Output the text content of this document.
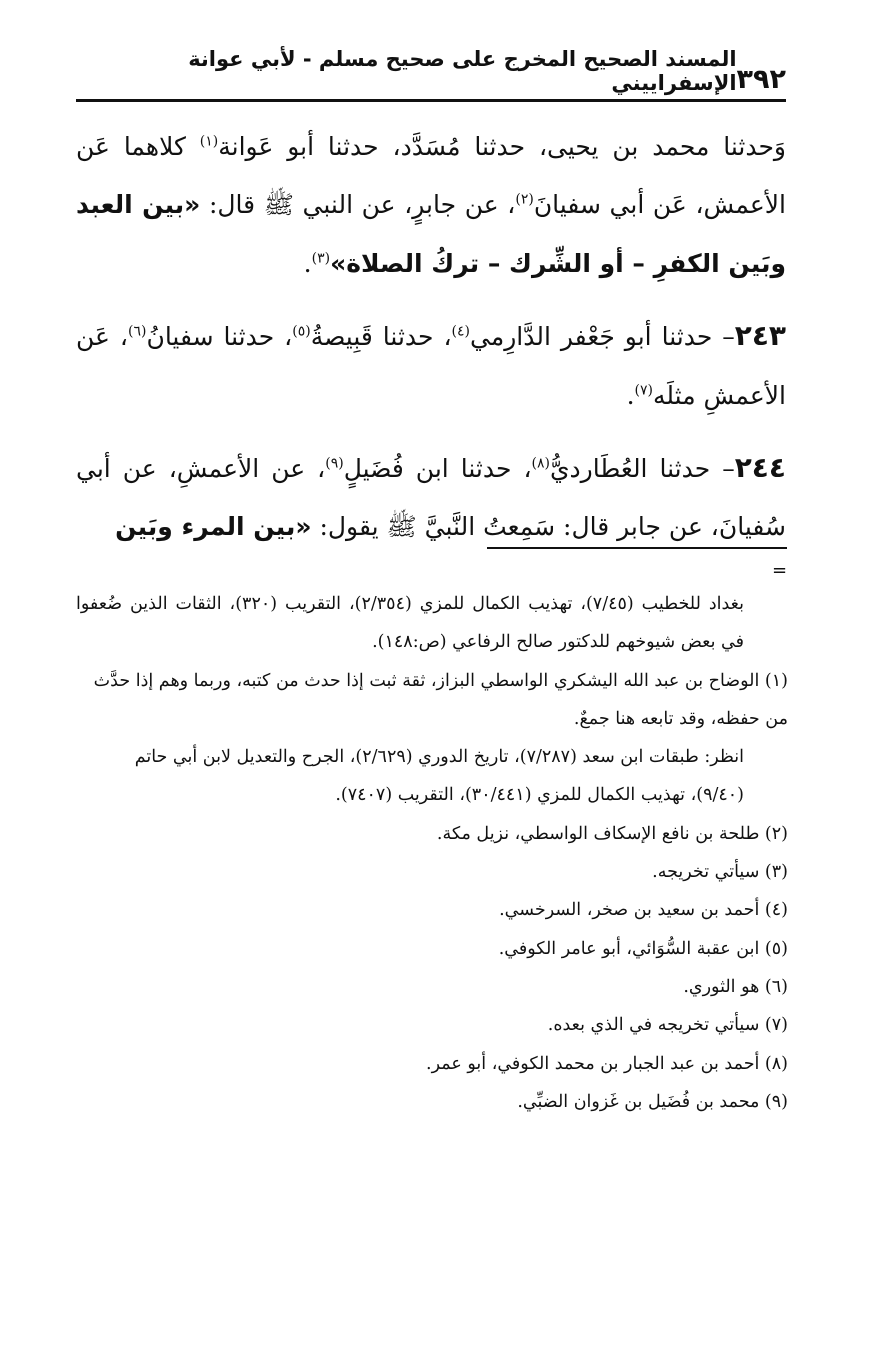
٣٩٢
المسند الصحيح المخرج على صحيح مسلم - لأبي عوانة الإسفراييني

وَحدثنا محمد بن يحيى، حدثنا مُسَدَّد، حدثنا أبو عَوانة$^{(١)}$ كلاهما عَن الأعمش، عَن أبي سفيانَ$^{(٢)}$، عن جابرٍ، عن النبي ﷺ قال: «بين العبد وبَين الكفرِ – أو الشِّرك – تركُ الصلاة»$^{(٣)}$.

٢٤٣– حدثنا أبو جَعْفر الدَّارِمي$^{(٤)}$، حدثنا قَبِيصةُ$^{(٥)}$، حدثنا سفيانُ$^{(٦)}$، عَن الأعمشِ مثلَه$^{(٧)}$.

٢٤٤– حدثنا العُطَارديُّ$^{(٨)}$، حدثنا ابن فُضَيلٍ$^{(٩)}$، عن الأعمشِ، عن أبي سُفيانَ، عن جابر قال: سَمِعتُ النَّبيَّ ﷺ يقول: «بين المرء وبَين

=

بغداد للخطيب (٧/٤٥)، تهذيب الكمال للمزي (٢/٣٥٤)، التقريب (٣٢٠)، الثقات الذين ضُعفوا في بعض شيوخهم للدكتور صالح الرفاعي (ص:١٤٨).

(١) الوضاح بن عبد الله اليشكري الواسطي البزاز، ثقة ثبت إذا حدث من كتبه، وربما وهم إذا حدَّث من حفظه، وقد تابعه هنا جمعٌ.

انظر: طبقات ابن سعد (٧/٢٨٧)، تاريخ الدوري (٢/٦٢٩)، الجرح والتعديل لابن أبي حاتم (٩/٤٠)، تهذيب الكمال للمزي (٣٠/٤٤١)، التقريب (٧٤٠٧).

(٢) طلحة بن نافع الإسكاف الواسطي، نزيل مكة.

(٣) سيأتي تخريجه.

(٤) أحمد بن سعيد بن صخر، السرخسي.

(٥) ابن عقبة السُّوَائي، أبو عامر الكوفي.

(٦) هو الثوري.

(٧) سيأتي تخريجه في الذي بعده.

(٨) أحمد بن عبد الجبار بن محمد الكوفي، أبو عمر.

(٩) محمد بن فُضَيل بن غَزوان الضبِّي.
